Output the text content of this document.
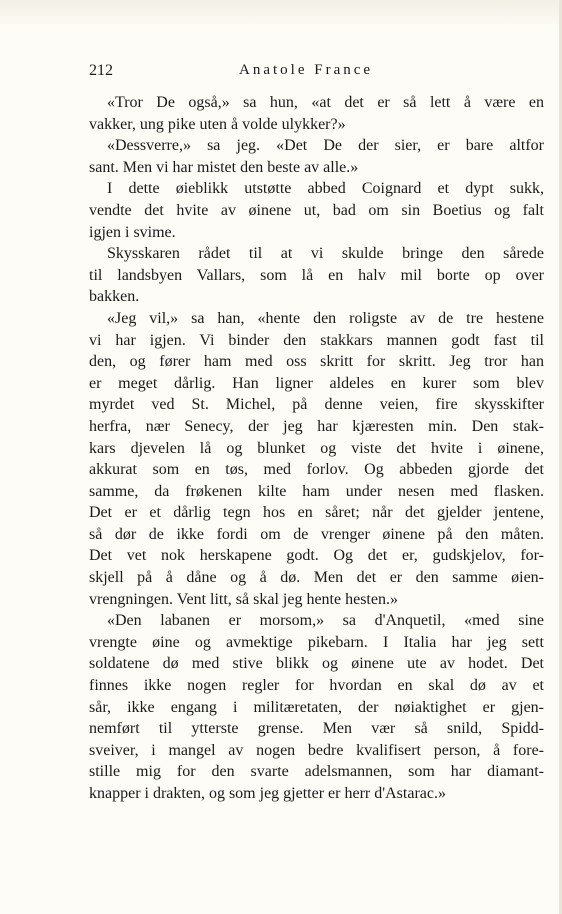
212	Anatole France
«Tror De også,» sa hun, «at det er så lett å være en
vakker, ung pike uten å volde ulykker?»
«Dessverre,» sa jeg. «Det De der sier, er bare altfor
sant. Men vi har mistet den beste av alle.»
I dette øieblikk utstøtte abbed Coignard et dypt sukk,
vendte det hvite av øinene ut, bad om sin Boetius og falt
igjen i svime.
Skysskaren rådet til at vi skulde bringe den sårede
til landsbyen Vallars, som lå en halv mil borte op over
bakken.
«Jeg vil,» sa han, «hente den roligste av de tre hestene
vi har igjen. Vi binder den stakkars mannen godt fast til
den, og fører ham med oss skritt for skritt. Jeg tror han
er meget dårlig. Han ligner aldeles en kurer som blev
myrdet ved St. Michel, på denne veien, fire skysskifter
herfra, nær Senecy, der jeg har kjæresten min. Den stak-
kars djevelen lå og blunket og viste det hvite i øinene,
akkurat som en tøs, med forlov. Og abbeden gjorde det
samme, da frøkenen kilte ham under nesen med flasken.
Det er et dårlig tegn hos en såret; når det gjelder jentene,
så dør de ikke fordi om de vrenger øinene på den måten.
Det vet nok herskapene godt. Og det er, gudskjelov, for-
skjell på å dåne og å dø. Men det er den samme øien-
vrengningen. Vent litt, så skal jeg hente hesten.»
«Den labanen er morsom,» sa d'Anquetil, «med sine
vrengte øine og avmektige pikebarn. I Italia har jeg sett
soldatene dø med stive blikk og øinene ute av hodet. Det
finnes ikke nogen regler for hvordan en skal dø av et
sår, ikke engang i militæretaten, der nøiaktighet er gjen-
nemført til ytterste grense. Men vær så snild, Spidd-
sveiver, i mangel av nogen bedre kvalifisert person, å fore-
stille mig for den svarte adelsmannen, som har diamant-
knapper i drakten, og som jeg gjetter er herr d'Astarac.»
